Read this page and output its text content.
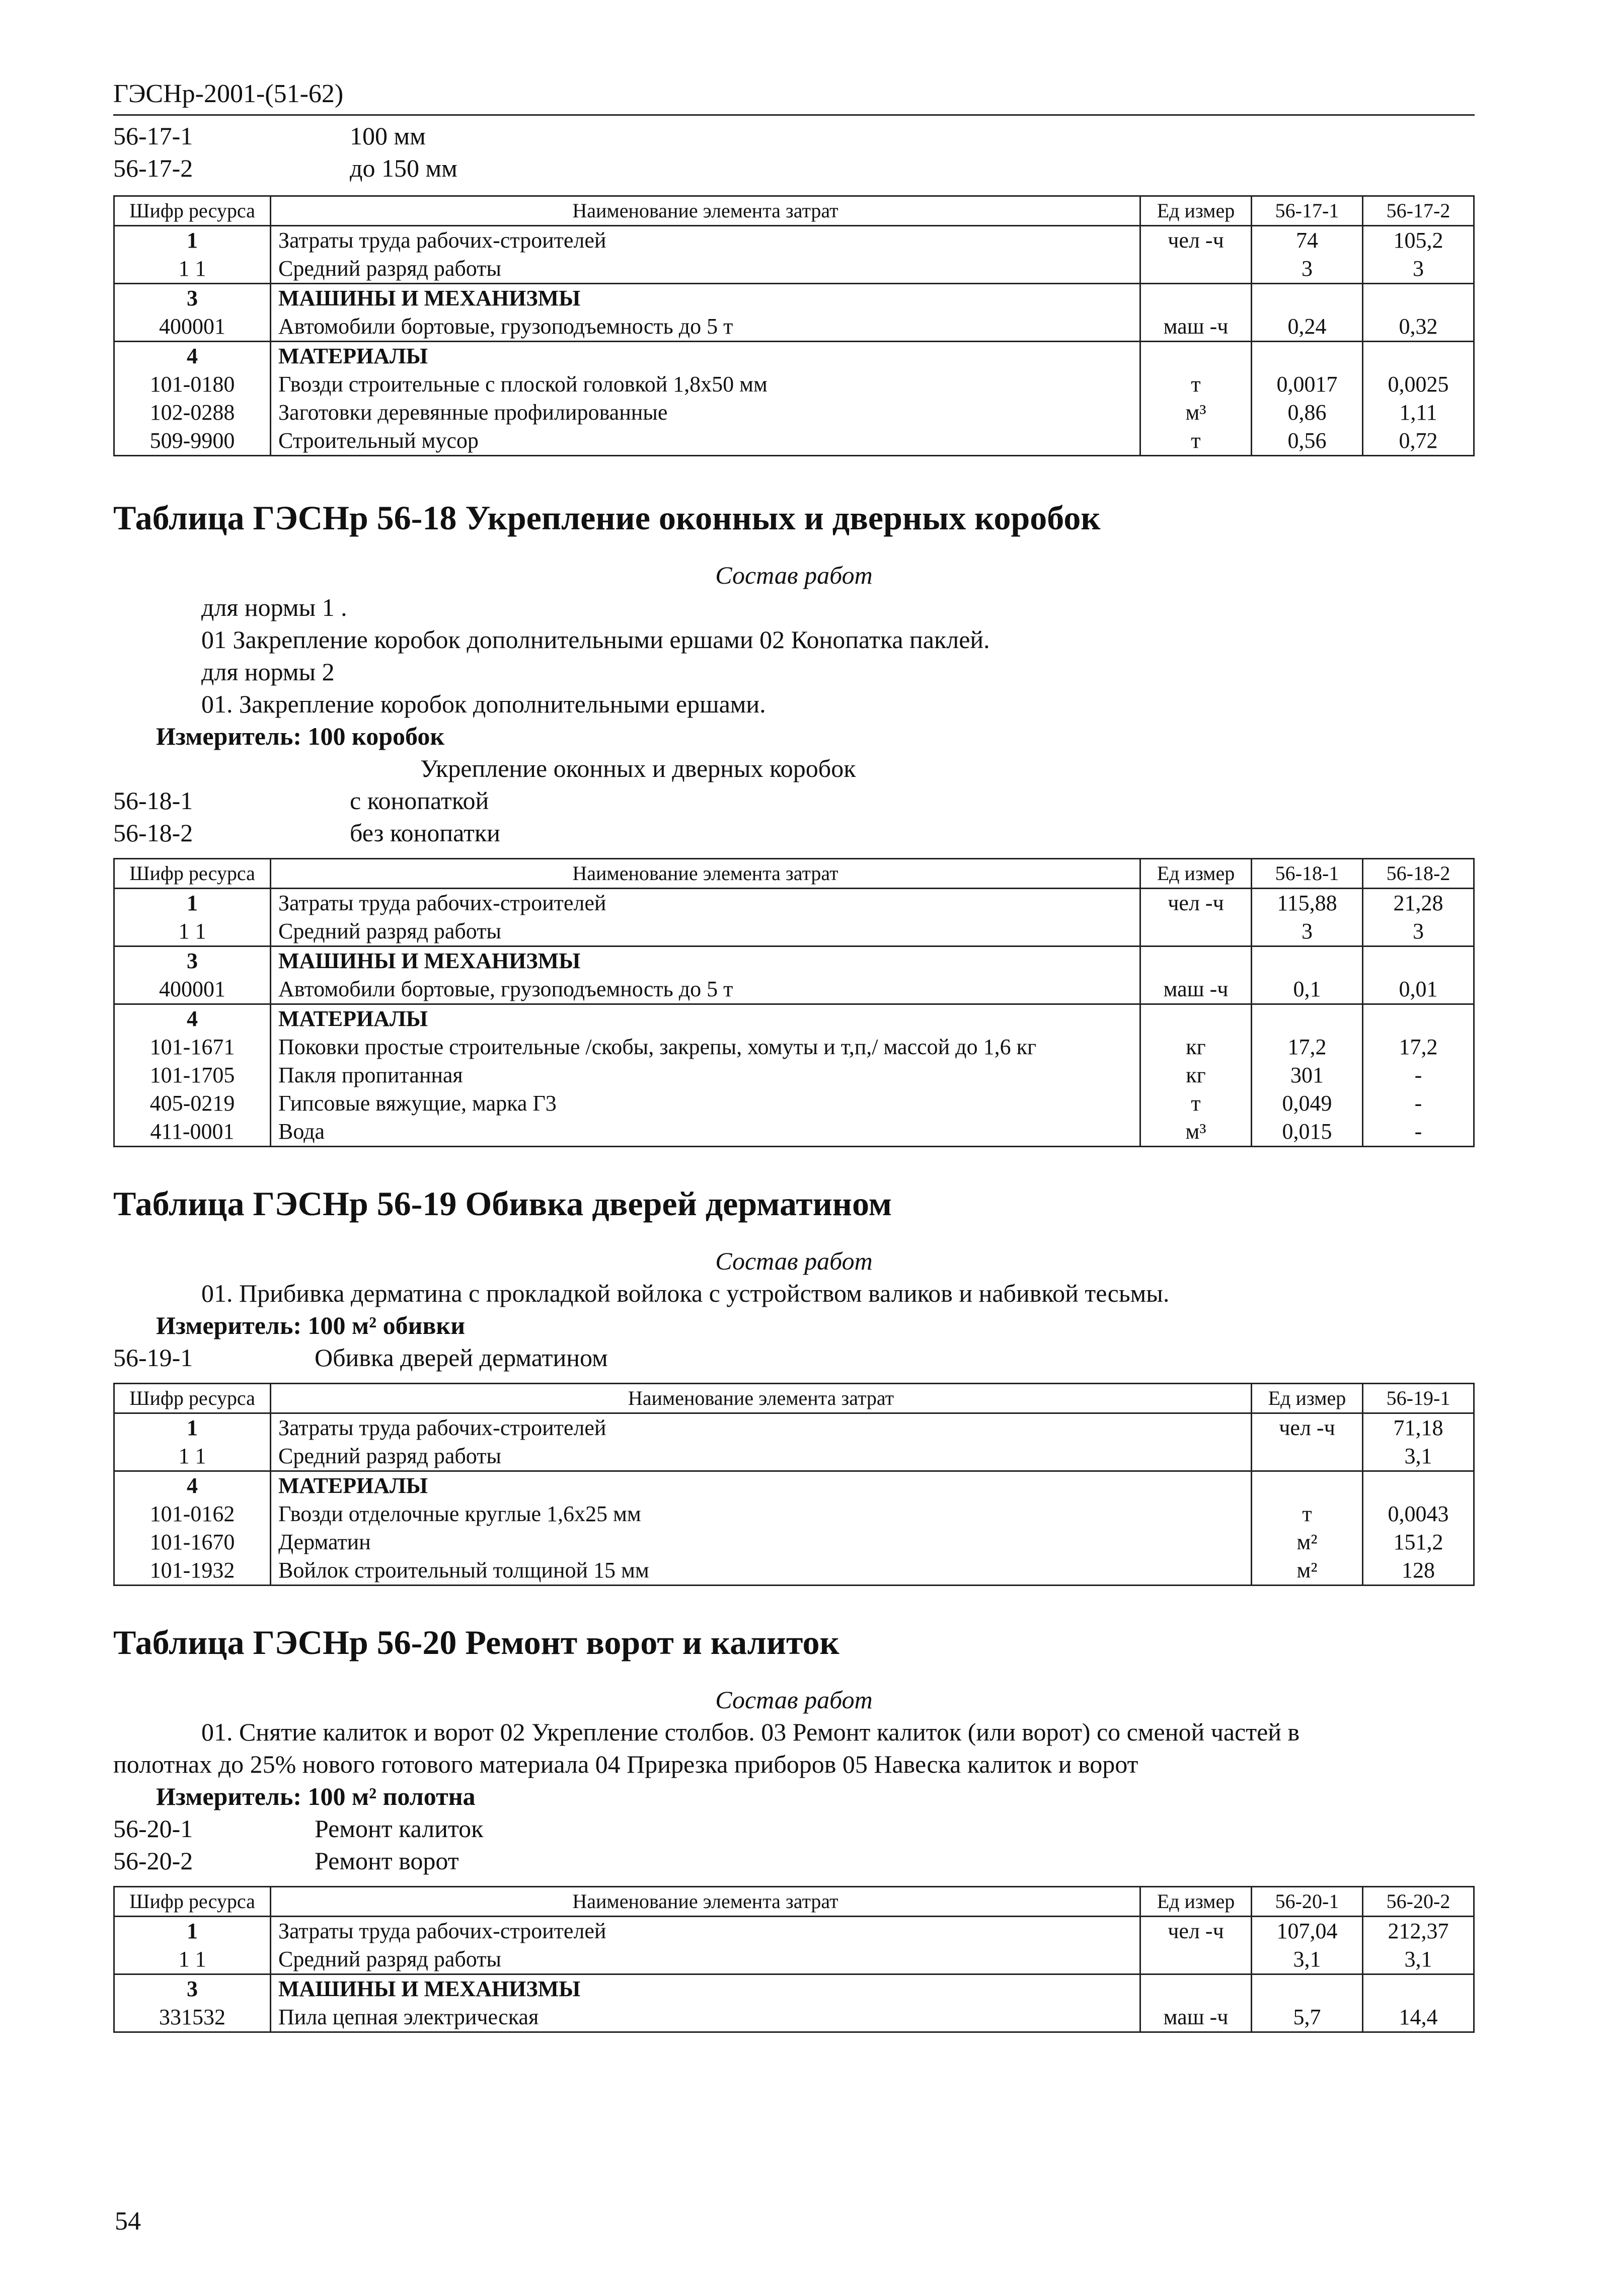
ГЭСНр-2001-(51-62)
56-17-1	100 мм
56-17-2	до 150 мм
Шифр ресурса	Наименование элемента затрат	Ед измер	56-17-1	56-17-2
1	Затраты труда рабочих-строителей	чел -ч	74	105,2
1 1	Средний разряд работы		3	3
3	МАШИНЫ И МЕХАНИЗМЫ			
400001	Автомобили бортовые, грузоподъемность до 5 т	маш -ч	0,24	0,32
4	МАТЕРИАЛЫ			
101-0180	Гвозди строительные с плоской головкой 1,8х50 мм	т	0,0017	0,0025
102-0288	Заготовки деревянные профилированные	м³	0,86	1,11
509-9900	Строительный мусор	т	0,56	0,72
Таблица ГЭСНр 56-18 Укрепление оконных и дверных коробок
Состав работ
для нормы 1 .
01 Закрепление коробок дополнительными ершами 02 Конопатка паклей.
для нормы 2
01. Закрепление коробок дополнительными ершами.
Измеритель: 100 коробок
Укрепление оконных и дверных коробок
56-18-1	с конопаткой
56-18-2	без конопатки
Шифр ресурса	Наименование элемента затрат	Ед измер	56-18-1	56-18-2
1	Затраты труда рабочих-строителей	чел -ч	115,88	21,28
1 1	Средний разряд работы		3	3
3	МАШИНЫ И МЕХАНИЗМЫ			
400001	Автомобили бортовые, грузоподъемность до 5 т	маш -ч	0,1	0,01
4	МАТЕРИАЛЫ			
101-1671	Поковки простые строительные /скобы, закрепы, хомуты и т,п,/ массой до 1,6 кг	кг	17,2	17,2
101-1705	Пакля пропитанная	кг	301	-
405-0219	Гипсовые вяжущие, марка Г3	т	0,049	-
411-0001	Вода	м³	0,015	-
Таблица ГЭСНр 56-19 Обивка дверей дерматином
Состав работ
01. Прибивка дерматина с прокладкой войлока с устройством валиков и набивкой тесьмы.
Измеритель: 100 м² обивки
56-19-1	Обивка дверей дерматином
Шифр ресурса	Наименование элемента затрат	Ед измер	56-19-1
1	Затраты труда рабочих-строителей	чел -ч	71,18
1 1	Средний разряд работы		3,1
4	МАТЕРИАЛЫ		
101-0162	Гвозди отделочные круглые 1,6х25 мм	т	0,0043
101-1670	Дерматин	м²	151,2
101-1932	Войлок строительный толщиной 15 мм	м²	128
Таблица ГЭСНр 56-20 Ремонт ворот и калиток
Состав работ
01. Снятие калиток и ворот 02 Укрепление столбов. 03 Ремонт калиток (или ворот) со сменой частей в
полотнах до 25% нового готового материала 04 Прирезка приборов 05 Навеска калиток и ворот
Измеритель: 100 м² полотна
56-20-1	Ремонт калиток
56-20-2	Ремонт ворот
Шифр ресурса	Наименование элемента затрат	Ед измер	56-20-1	56-20-2
1	Затраты труда рабочих-строителей	чел -ч	107,04	212,37
1 1	Средний разряд работы		3,1	3,1
3	МАШИНЫ И МЕХАНИЗМЫ			
331532	Пила цепная электрическая	маш -ч	5,7	14,4
54
